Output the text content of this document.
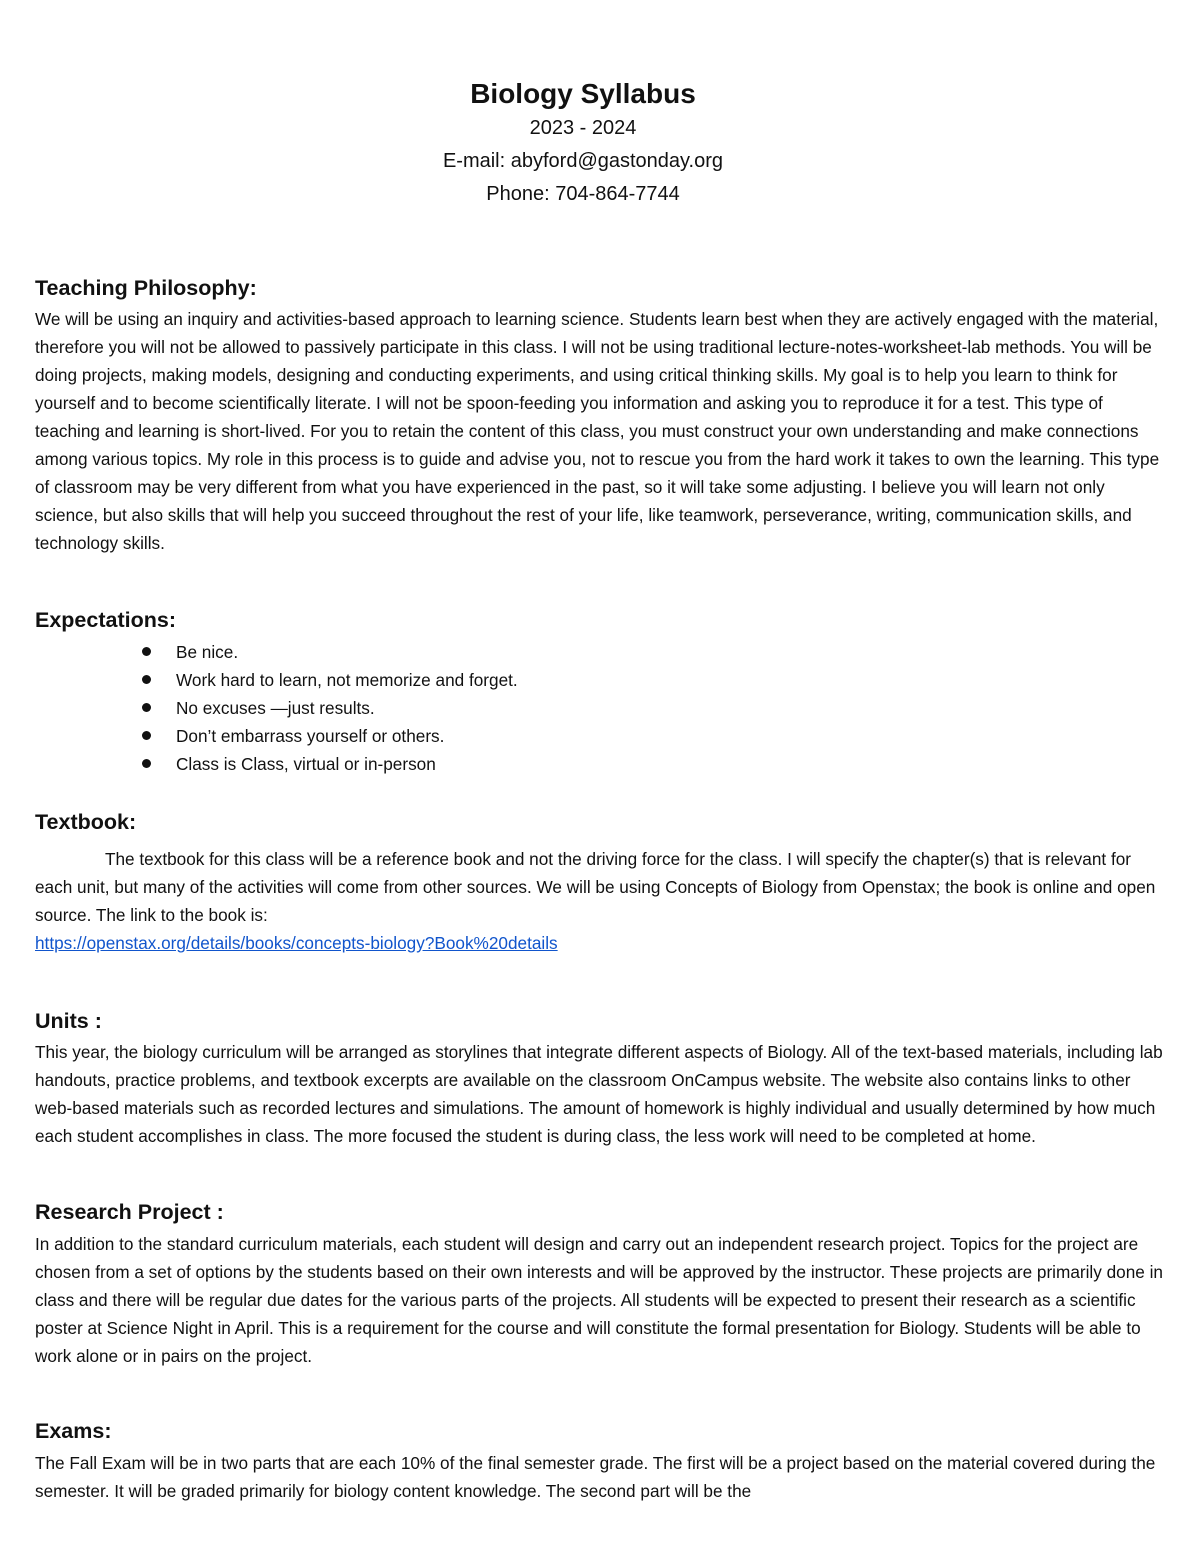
Biology Syllabus

2023 - 2024

E-mail: abyford@gastonday.org

Phone: 704-864-7744

Teaching Philosophy:

We will be using an inquiry and activities-based approach to learning science. Students learn best when they are actively engaged with the material, therefore you will not be allowed to passively participate in this class. I will not be using traditional lecture-notes-worksheet-lab methods. You will be doing projects, making models, designing and conducting experiments, and using critical thinking skills. My goal is to help you learn to think for yourself and to become scientifically literate. I will not be spoon-feeding you information and asking you to reproduce it for a test. This type of teaching and learning is short-lived. For you to retain the content of this class, you must construct your own understanding and make connections among various topics. My role in this process is to guide and advise you, not to rescue you from the hard work it takes to own the learning. This type of classroom may be very different from what you have experienced in the past, so it will take some adjusting. I believe you will learn not only science, but also skills that will help you succeed throughout the rest of your life, like teamwork, perseverance, writing, communication skills, and technology skills.

Expectations:

Be nice.
Work hard to learn, not memorize and forget.
No excuses —just results.
Don’t embarrass yourself or others.
Class is Class, virtual or in-person

Textbook:

The textbook for this class will be a reference book and not the driving force for the class. I will specify the chapter(s) that is relevant for each unit, but many of the activities will come from other sources. We will be using Concepts of Biology from Openstax; the book is online and open source. The link to the book is:
https://openstax.org/details/books/concepts-biology?Book%20details

Units :

This year, the biology curriculum will be arranged as storylines that integrate different aspects of Biology. All of the text-based materials, including lab handouts, practice problems, and textbook excerpts are available on the classroom OnCampus website. The website also contains links to other web-based materials such as recorded lectures and simulations. The amount of homework is highly individual and usually determined by how much each student accomplishes in class. The more focused the student is during class, the less work will need to be completed at home.

Research Project :

In addition to the standard curriculum materials, each student will design and carry out an independent research project. Topics for the project are chosen from a set of options by the students based on their own interests and will be approved by the instructor. These projects are primarily done in class and there will be regular due dates for the various parts of the projects. All students will be expected to present their research as a scientific poster at Science Night in April. This is a requirement for the course and will constitute the formal presentation for Biology. Students will be able to work alone or in pairs on the project.

Exams:

The Fall Exam will be in two parts that are each 10% of the final semester grade. The first will be a project based on the material covered during the semester. It will be graded primarily for biology content knowledge. The second part will be the
